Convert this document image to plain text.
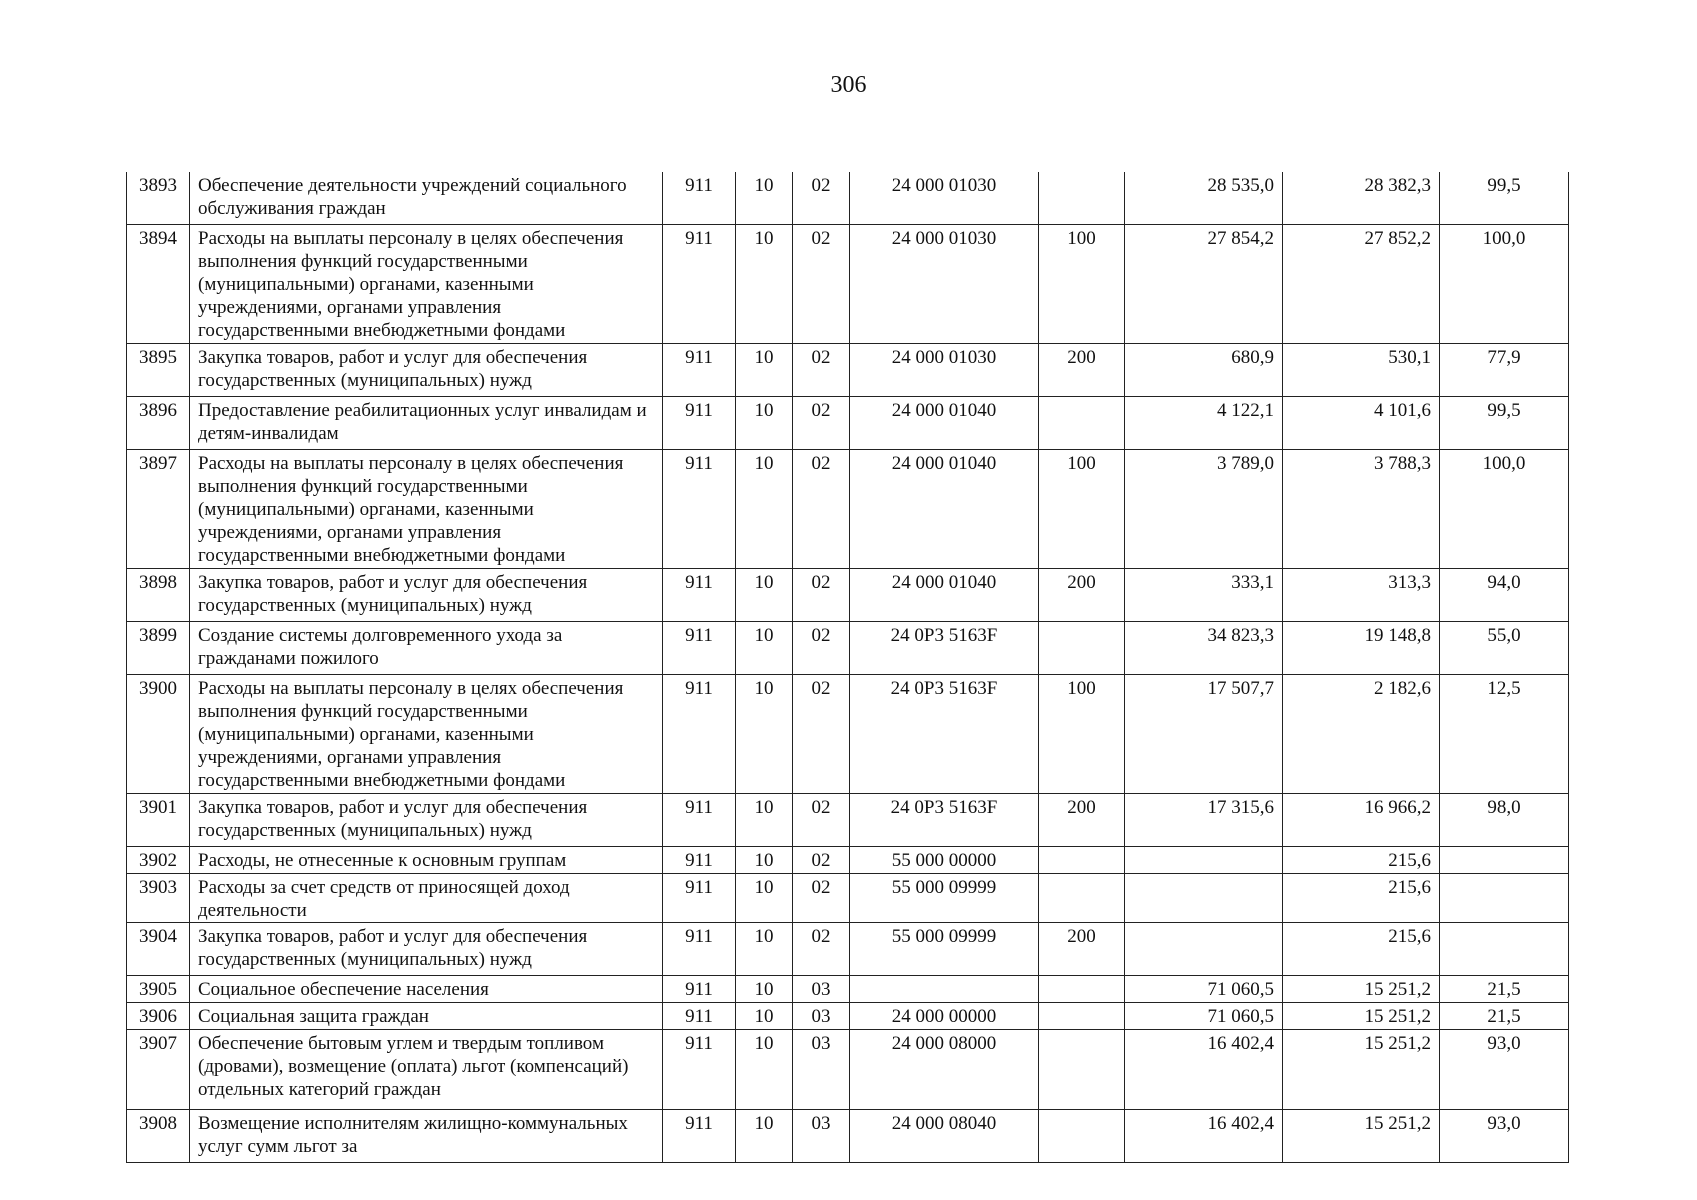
306
3893	Обеспечение деятельности учреждений социального обслуживания граждан	911	10	02	24 000 01030		28 535,0	28 382,3	99,5
3894	Расходы на выплаты персоналу в целях обеспечения выполнения функций государственными (муниципальными) органами, казенными учреждениями, органами управления государственными внебюджетными фондами	911	10	02	24 000 01030	100	27 854,2	27 852,2	100,0
3895	Закупка товаров, работ и услуг для обеспечения государственных (муниципальных) нужд	911	10	02	24 000 01030	200	680,9	530,1	77,9
3896	Предоставление реабилитационных услуг инвалидам и детям-инвалидам	911	10	02	24 000 01040		4 122,1	4 101,6	99,5
3897	Расходы на выплаты персоналу в целях обеспечения выполнения функций государственными (муниципальными) органами, казенными учреждениями, органами управления государственными внебюджетными фондами	911	10	02	24 000 01040	100	3 789,0	3 788,3	100,0
3898	Закупка товаров, работ и услуг для обеспечения государственных (муниципальных) нужд	911	10	02	24 000 01040	200	333,1	313,3	94,0
3899	Создание системы долговременного ухода за гражданами пожилого	911	10	02	24 0P3 5163F		34 823,3	19 148,8	55,0
3900	Расходы на выплаты персоналу в целях обеспечения выполнения функций государственными (муниципальными) органами, казенными учреждениями, органами управления государственными внебюджетными фондами	911	10	02	24 0P3 5163F	100	17 507,7	2 182,6	12,5
3901	Закупка товаров, работ и услуг для обеспечения государственных (муниципальных) нужд	911	10	02	24 0P3 5163F	200	17 315,6	16 966,2	98,0
3902	Расходы, не отнесенные к основным группам	911	10	02	55 000 00000			215,6	
3903	Расходы за счет средств от приносящей доход деятельности	911	10	02	55 000 09999			215,6	
3904	Закупка товаров, работ и услуг для обеспечения государственных (муниципальных) нужд	911	10	02	55 000 09999	200		215,6	
3905	Социальное обеспечение населения	911	10	03			71 060,5	15 251,2	21,5
3906	Социальная защита граждан	911	10	03	24 000 00000		71 060,5	15 251,2	21,5
3907	Обеспечение бытовым углем и твердым топливом (дровами), возмещение (оплата) льгот (компенсаций) отдельных категорий граждан	911	10	03	24 000 08000		16 402,4	15 251,2	93,0
3908	Возмещение исполнителям жилищно-коммунальных услуг сумм льгот за	911	10	03	24 000 08040		16 402,4	15 251,2	93,0
